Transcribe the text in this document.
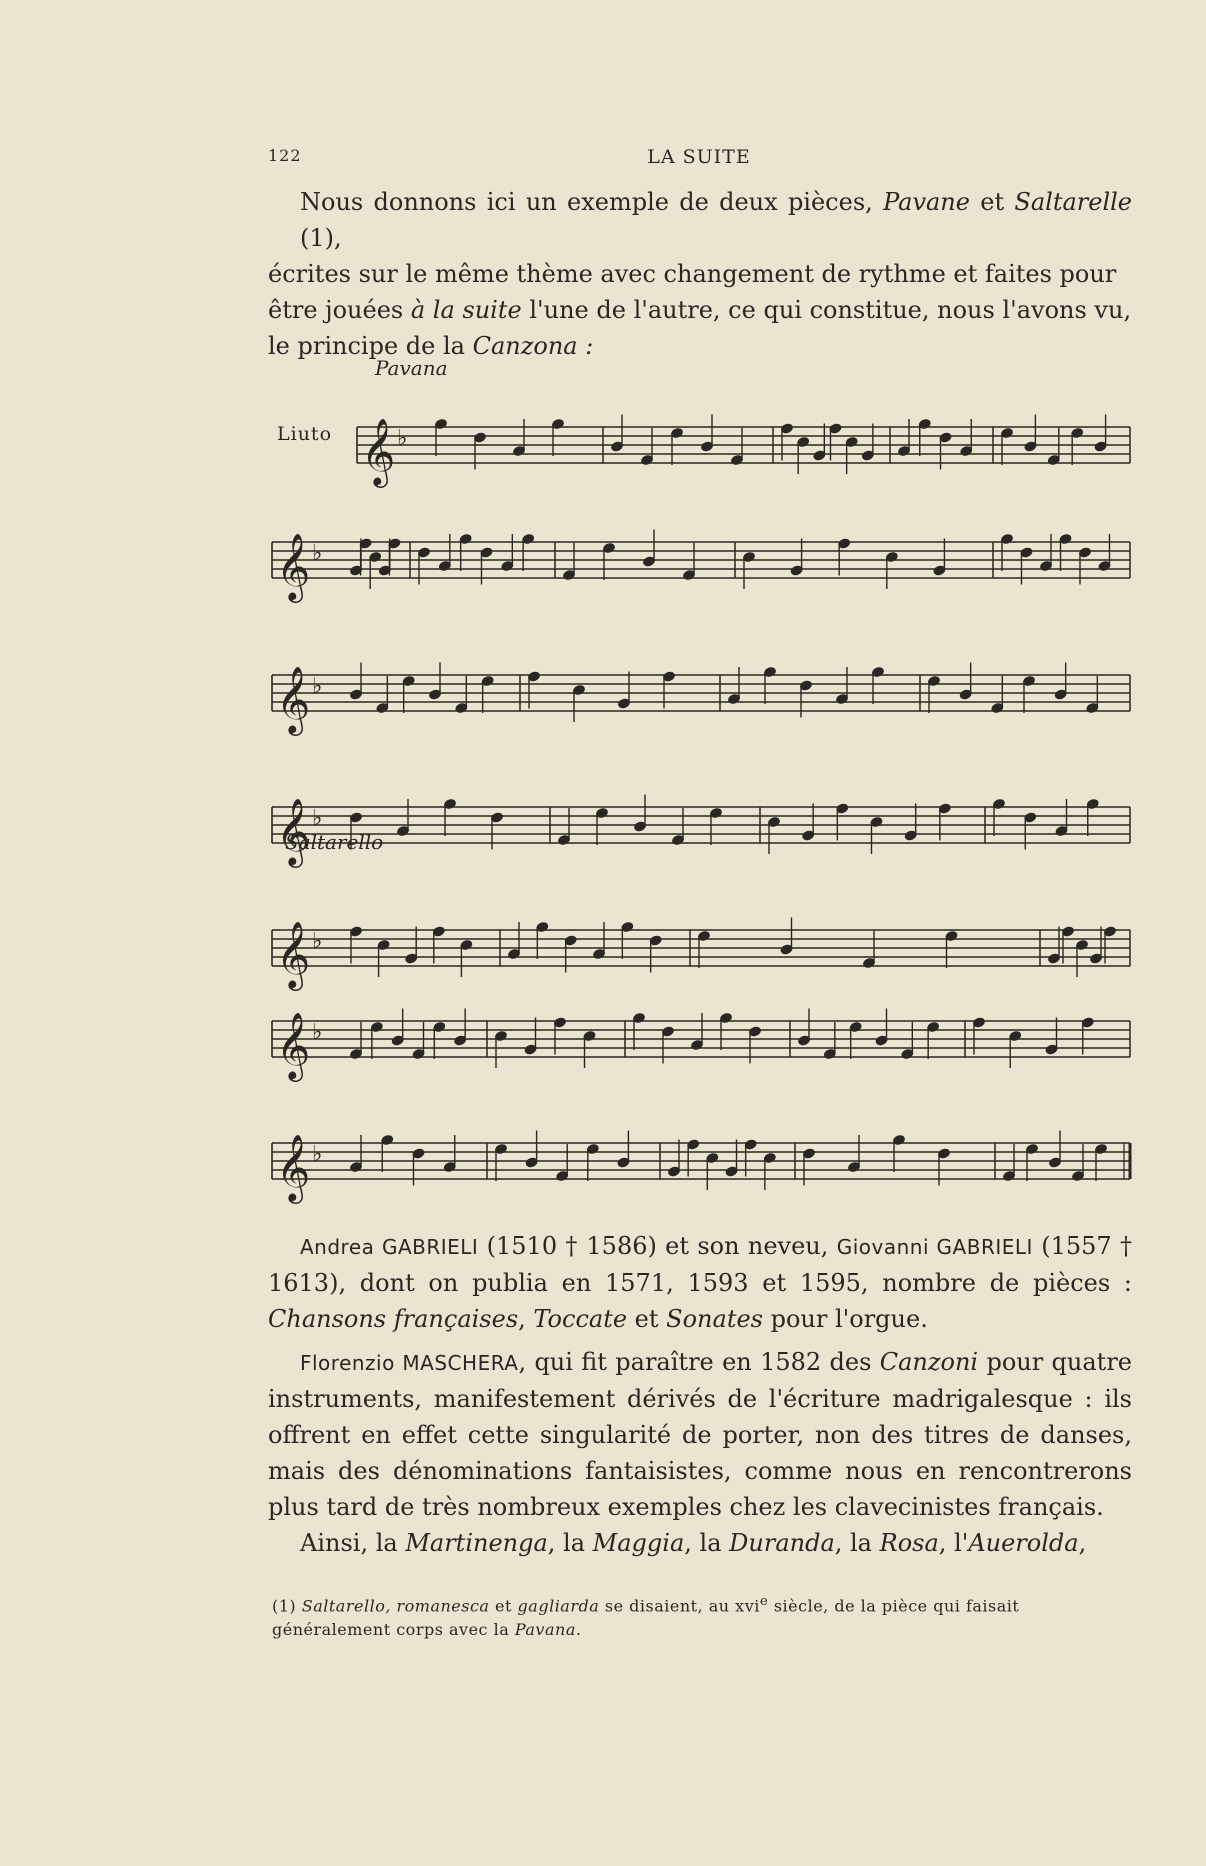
122	LA SUITE

Nous donnons ici un exemple de deux pièces, Pavane et Saltarelle (1),
écrites sur le même thème avec changement de rythme et faites pour
être jouées à la suite l'une de l'autre, ce qui constitue, nous l'avons vu,
le principe de la Canzona :

Pavana
Liuto
Saltarello
𝄞 ♭
𝄞 ♭
𝄞 ♭
𝄞 ♭
𝄞 ♭
𝄞 ♭
𝄞 ♭

Andrea GABRIELI (1510 † 1586) et son neveu, Giovanni GABRIELI (1557 † 1613), dont on publia en 1571, 1593 et 1595, nombre de pièces : Chansons françaises, Toccate et Sonates pour l'orgue.

Florenzio MASCHERA, qui fit paraître en 1582 des Canzoni pour quatre instruments, manifestement dérivés de l'écriture madrigalesque : ils offrent en effet cette singularité de porter, non des titres de danses, mais des dénominations fantaisistes, comme nous en rencontrerons plus tard de très nombreux exemples chez les clavecinistes français.
Ainsi, la Martinenga, la Maggia, la Duranda, la Rosa, l'Auerolda,

(1) Saltarello, romanesca et gagliarda se disaient, au xvi$^e$ siècle, de la pièce qui faisait généralement corps avec la Pavana.
